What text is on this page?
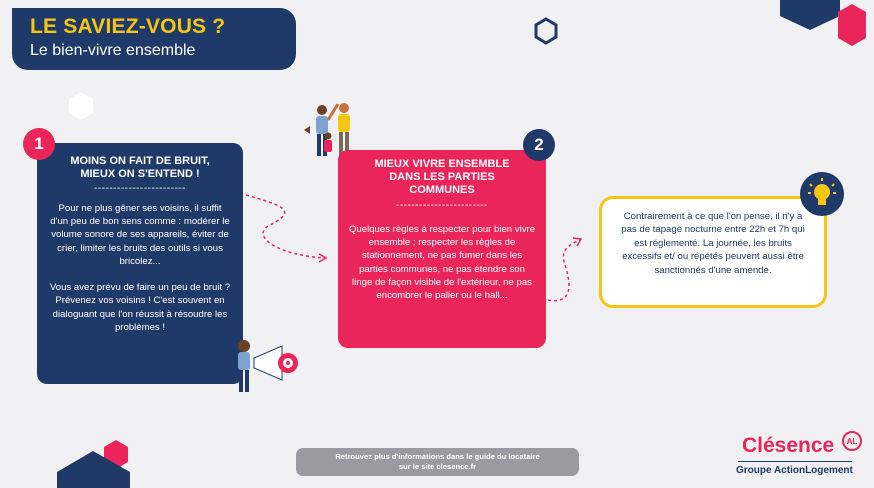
LE SAVIEZ-VOUS ?
Le bien-vivre ensemble
MOINS ON FAIT DE BRUIT,
MIEUX ON S'ENTEND !
------------------------
Pour ne plus gêner ses voisins, il suffit d'un peu de bon sens comme : modérer le volume sonore de ses appareils, éviter de crier, limiter les bruits des outils si vous bricolez...

Vous avez prévu de faire un peu de bruit ? Prévenez vos voisins ! C'est souvent en dialoguant que l'on réussit à résoudre les problèmes !
1
MIEUX VIVRE ENSEMBLE DANS LES PARTIES COMMUNES
------------------------
Quelques règles à respecter pour bien vivre ensemble : respecter les règles de stationnement, ne pas fumer dans les parties communes, ne pas étendre son linge de façon visible de l'extérieur, ne pas encombrer le palier ou le hall...
2
Contrairement à ce que l'on pense, il n'y a pas de tapage nocturne entre 22h et 7h qui est réglementé. La journée, les bruits excessifs et/ ou répétés peuvent aussi être sanctionnés d'une amende.
Retrouvez plus d'informations dans le guide du locataire
sur le site clesence.fr
Clésence	AL
Groupe ActionLogement
